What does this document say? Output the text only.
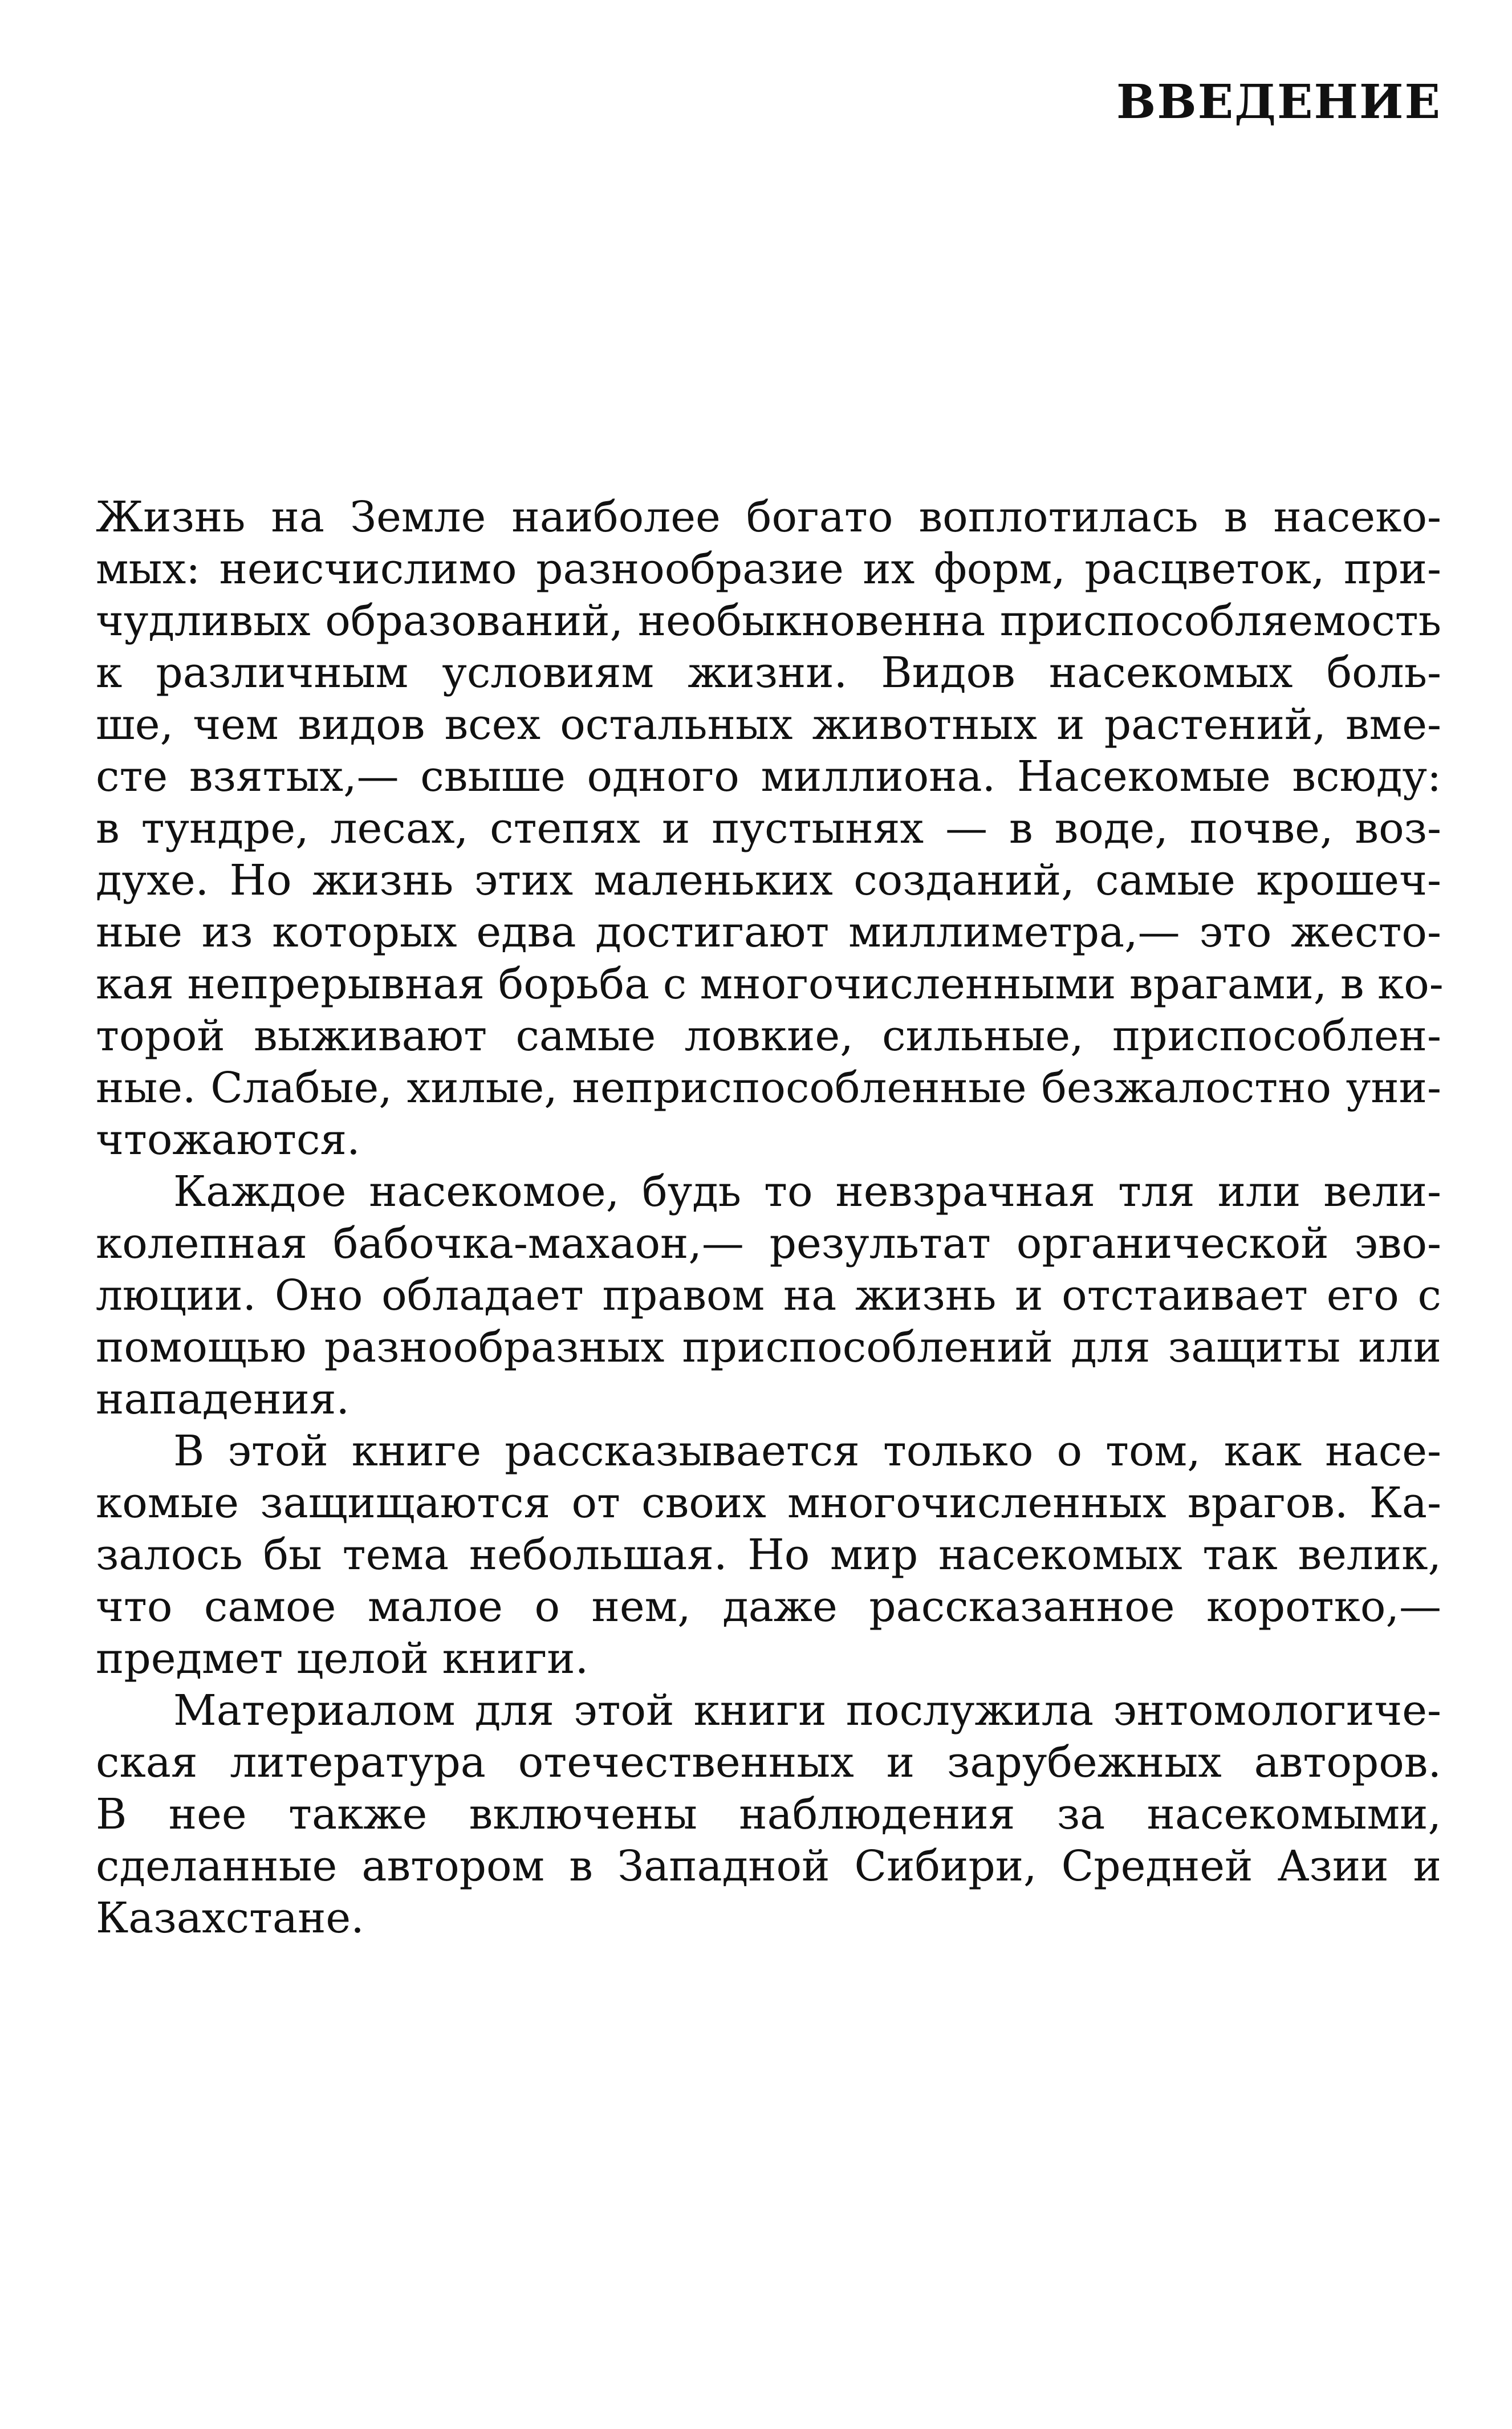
ВВЕДЕНИЕ
Жизнь на Земле наиболее богато воплотилась в насеко-
мых: неисчислимо разнообразие их форм, расцветок, при-
чудливых образований, необыкновенна приспособляемость
к различным условиям жизни. Видов насекомых боль-
ше, чем видов всех остальных животных и растений, вме-
сте взятых,— свыше одного миллиона. Насекомые всюду:
в тундре, лесах, степях и пустынях — в воде, почве, воз-
духе. Но жизнь этих маленьких созданий, самые крошеч-
ные из которых едва достигают миллиметра,— это жесто-
кая непрерывная борьба с многочисленными врагами, в ко-
торой выживают самые ловкие, сильные, приспособлен-
ные. Слабые, хилые, неприспособленные безжалостно уни-
чтожаются.
Каждое насекомое, будь то невзрачная тля или вели-
колепная бабочка-махаон,— результат органической эво-
люции. Оно обладает правом на жизнь и отстаивает его с
помощью разнообразных приспособлений для защиты или
нападения.
В этой книге рассказывается только о том, как насе-
комые защищаются от своих многочисленных врагов. Ка-
залось бы тема небольшая. Но мир насекомых так велик,
что самое малое о нем, даже рассказанное коротко,—
предмет целой книги.
Материалом для этой книги послужила энтомологиче-
ская литература отечественных и зарубежных авторов.
В нее также включены наблюдения за насекомыми,
сделанные автором в Западной Сибири, Средней Азии и
Казахстане.
